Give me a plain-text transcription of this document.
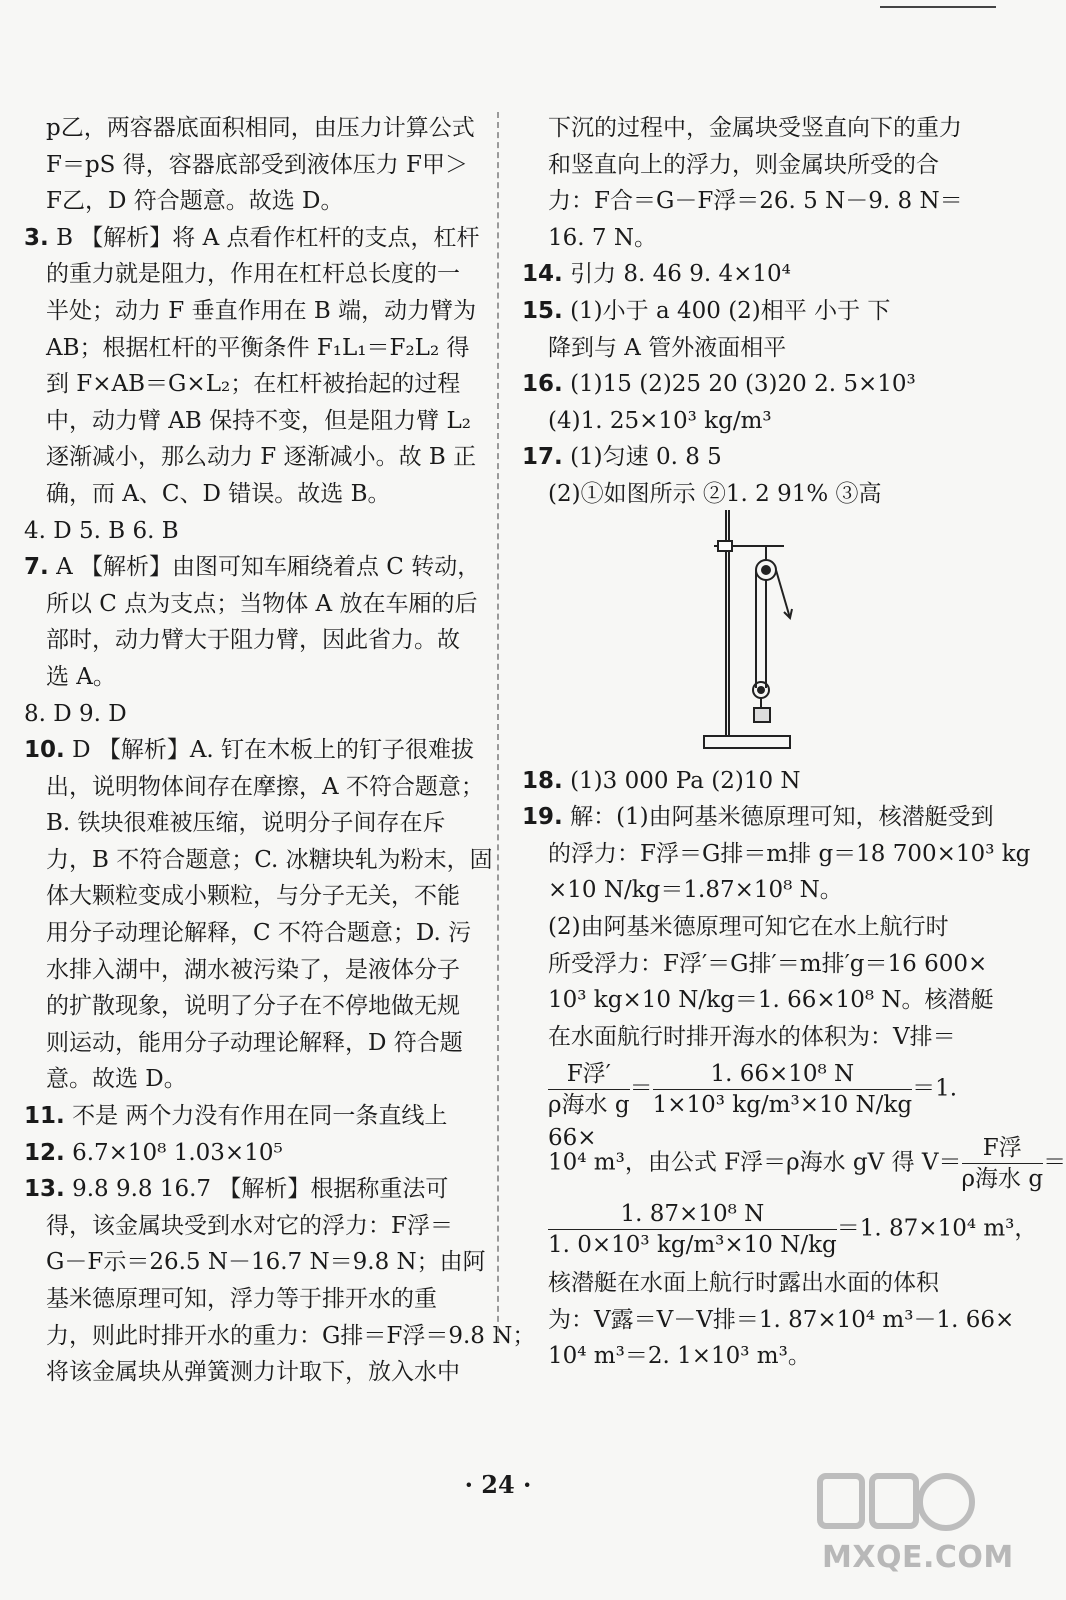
p乙，两容器底面积相同，由压力计算公式
F＝pS 得，容器底部受到液体压力 F甲＞
F乙，D 符合题意。故选 D。
3. B 【解析】将 A 点看作杠杆的支点，杠杆
的重力就是阻力，作用在杠杆总长度的一
半处；动力 F 垂直作用在 B 端，动力臂为
AB；根据杠杆的平衡条件 F₁L₁＝F₂L₂ 得
到 F×AB＝G×L₂；在杠杆被抬起的过程
中，动力臂 AB 保持不变，但是阻力臂 L₂
逐渐减小，那么动力 F 逐渐减小。故 B 正
确，而 A、C、D 错误。故选 B。
4. D 5. B 6. B
7. A 【解析】由图可知车厢绕着点 C 转动，
所以 C 点为支点；当物体 A 放在车厢的后
部时，动力臂大于阻力臂，因此省力。故
选 A。
8. D 9. D
10. D 【解析】A. 钉在木板上的钉子很难拔
出，说明物体间存在摩擦，A 不符合题意；
B. 铁块很难被压缩，说明分子间存在斥
力，B 不符合题意；C. 冰糖块轧为粉末，固
体大颗粒变成小颗粒，与分子无关，不能
用分子动理论解释，C 不符合题意；D. 污
水排入湖中，湖水被污染了，是液体分子
的扩散现象，说明了分子在不停地做无规
则运动，能用分子动理论解释，D 符合题
意。故选 D。
11. 不是 两个力没有作用在同一条直线上
12. 6.7×10⁸ 1.03×10⁵
13. 9.8 9.8 16.7 【解析】根据称重法可
得，该金属块受到水对它的浮力：F浮＝
G－F示＝26.5 N－16.7 N＝9.8 N；由阿
基米德原理可知，浮力等于排开水的重
力，则此时排开水的重力：G排＝F浮＝9.8 N；
将该金属块从弹簧测力计取下，放入水中
下沉的过程中，金属块受竖直向下的重力
和竖直向上的浮力，则金属块所受的合
力：F合＝G－F浮＝26. 5 N－9. 8 N＝
16. 7 N。
14. 引力 8. 46 9. 4×10⁴
15. (1)小于 a 400 (2)相平 小于 下
降到与 A 管外液面相平
16. (1)15 (2)25 20 (3)20 2. 5×10³
(4)1. 25×10³ kg/m³
17. (1)匀速 0. 8 5
(2)①如图所示 ②1. 2 91% ③高
18. (1)3 000 Pa (2)10 N
19. 解：(1)由阿基米德原理可知，核潜艇受到
的浮力：F浮＝G排＝m排 g＝18 700×10³ kg
×10 N/kg＝1.87×10⁸ N。
(2)由阿基米德原理可知它在水上航行时
所受浮力：F浮′＝G排′＝m排′g＝16 600×
10³ kg×10 N/kg＝1. 66×10⁸ N。核潜艇
在水面航行时排开海水的体积为：V排＝
$\frac{\text{F浮′}}{\text{ρ海水 g}} = \frac{\text{1. 66×10⁸ N}}{\text{1×10³ kg/m³×10 N/kg}} =1$. 66×
10⁴ m³，由公式 F浮＝ρ海水 gV 得 $V= \frac{\text{F浮}}{\text{ρ海水 g}}$ ＝
$\frac{\text{1. 87×10⁸ N}}{\text{1. 0×10³ kg/m³×10 N/kg}} =1$. 87×10⁴ m³，
核潜艇在水面上航行时露出水面的体积
为：V露＝V－V排＝1. 87×10⁴ m³－1. 66×
10⁴ m³＝2. 1×10³ m³。
· 24 ·
MXQE.COM
